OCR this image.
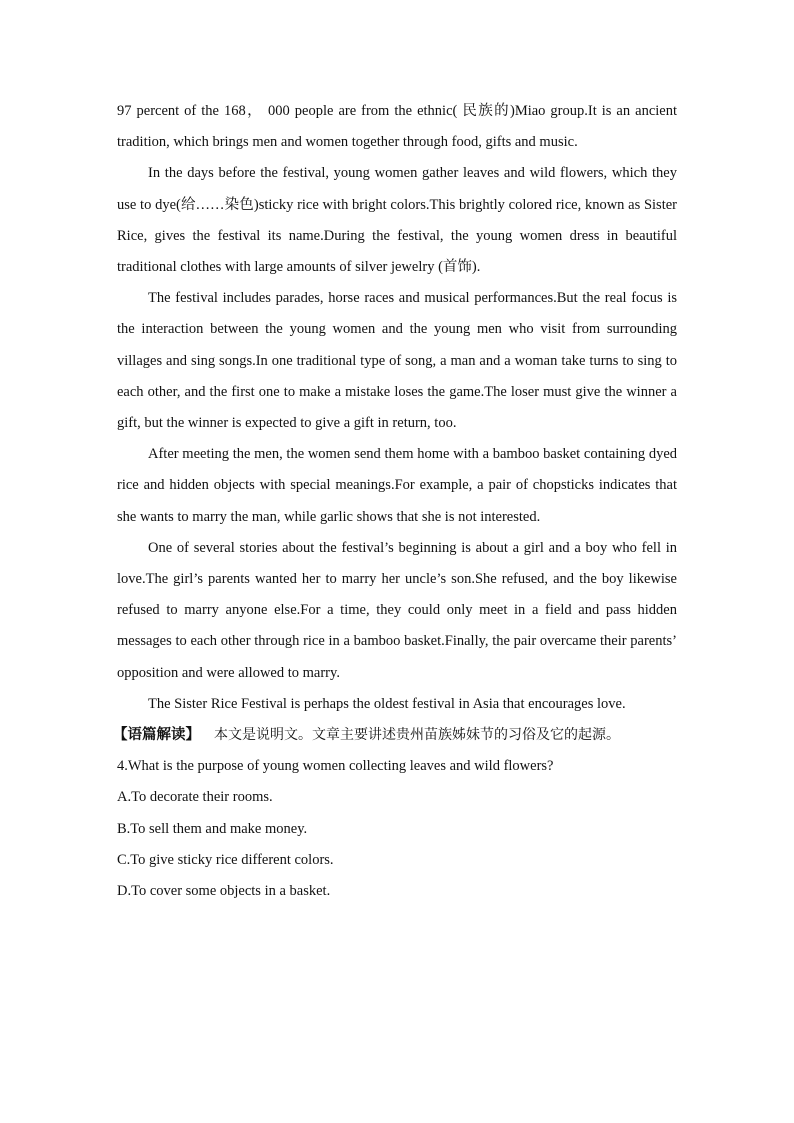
97 percent of the 168， 000 people are from the ethnic( 民族的)Miao group.It is an ancient tradition, which brings men and women together through food, gifts and music.

In the days before the festival, young women gather leaves and wild flowers, which they use to dye(给……染色)sticky rice with bright colors.This brightly colored rice, known as Sister Rice, gives the festival its name.During the festival, the young women dress in beautiful traditional clothes with large amounts of silver jewelry (首饰).

The festival includes parades, horse races and musical performances.But the real focus is the interaction between the young women and the young men who visit from surrounding villages and sing songs.In one traditional type of song, a man and a woman take turns to sing to each other, and the first one to make a mistake loses the game.The loser must give the winner a gift, but the winner is expected to give a gift in return, too.

After meeting the men, the women send them home with a bamboo basket containing dyed rice and hidden objects with special meanings.For example, a pair of chopsticks indicates that she wants to marry the man, while garlic shows that she is not interested.

One of several stories about the festival’s beginning is about a girl and a boy who fell in love.The girl’s parents wanted her to marry her uncle’s son.She refused, and the boy likewise refused to marry anyone else.For a time, they could only meet in a field and pass hidden messages to each other through rice in a bamboo basket.Finally, the pair overcame their parents’ opposition and were allowed to marry.

The Sister Rice Festival is perhaps the oldest festival in Asia that encourages love.

【语篇解读】 本文是说明文。文章主要讲述贵州苗族姊妹节的习俗及它的起源。

4.What is the purpose of young women collecting leaves and wild flowers?

A.To decorate their rooms.

B.To sell them and make money.

C.To give sticky rice different colors.

D.To cover some objects in a basket.
